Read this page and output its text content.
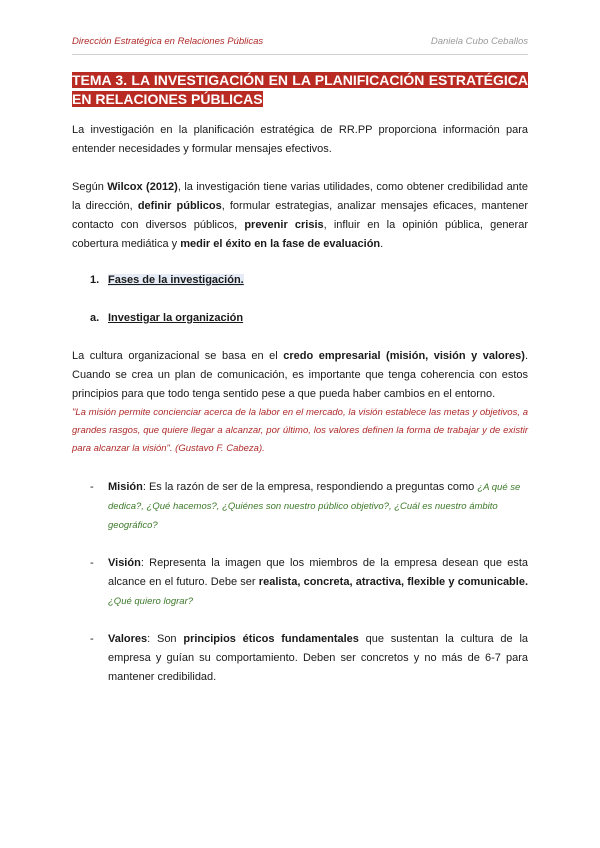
Dirección Estratégica en Relaciones Públicas	Daniela Cubo Ceballos

TEMA 3. LA INVESTIGACIÓN EN LA PLANIFICACIÓN ESTRATÉGICA EN RELACIONES PÚBLICAS

La investigación en la planificación estratégica de RR.PP proporciona información para entender necesidades y formular mensajes efectivos.

Según Wilcox (2012), la investigación tiene varias utilidades, como obtener credibilidad ante la dirección, definir públicos, formular estrategias, analizar mensajes eficaces, mantener contacto con diversos públicos, prevenir crisis, influir en la opinión pública, generar cobertura mediática y medir el éxito en la fase de evaluación.

1. Fases de la investigación.
a. Investigar la organización

La cultura organizacional se basa en el credo empresarial (misión, visión y valores). Cuando se crea un plan de comunicación, es importante que tenga coherencia con estos principios para que todo tenga sentido pese a que pueda haber cambios en el entorno.

"La misión permite concienciar acerca de la labor en el mercado, la visión establece las metas y objetivos, a grandes rasgos, que quiere llegar a alcanzar, por último, los valores definen la forma de trabajar y de existir para alcanzar la visión". (Gustavo F. Cabeza).

- Misión: Es la razón de ser de la empresa, respondiendo a preguntas como ¿A qué se dedica?, ¿Qué hacemos?, ¿Quiénes son nuestro público objetivo?, ¿Cuál es nuestro ámbito geográfico?
- Visión: Representa la imagen que los miembros de la empresa desean que esta alcance en el futuro. Debe ser realista, concreta, atractiva, flexible y comunicable. ¿Qué quiero lograr?
- Valores: Son principios éticos fundamentales que sustentan la cultura de la empresa y guían su comportamiento. Deben ser concretos y no más de 6-7 para mantener credibilidad.
